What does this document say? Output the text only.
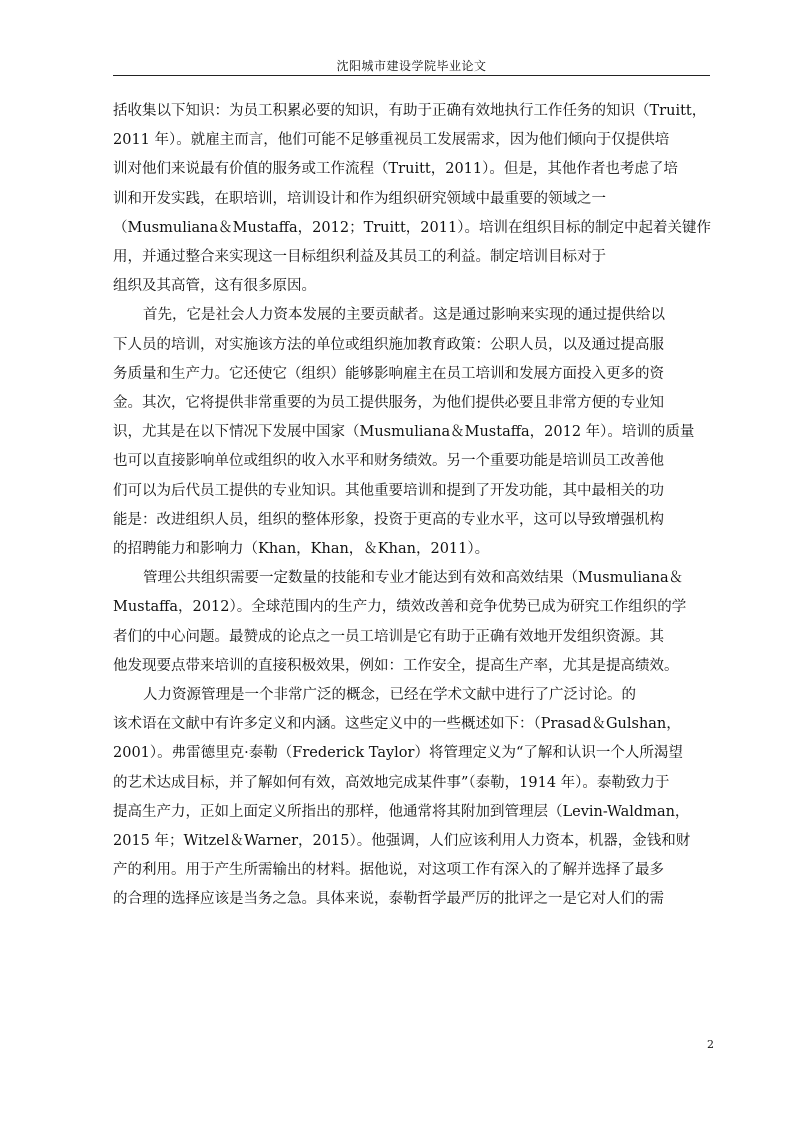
沈阳城市建设学院毕业论文

括收集以下知识：为员工积累必要的知识，有助于正确有效地执行工作任务的知识（Truitt，
2011 年）。就雇主而言，他们可能不足够重视员工发展需求，因为他们倾向于仅提供培
训对他们来说最有价值的服务或工作流程（Truitt，2011）。但是，其他作者也考虑了培
训和开发实践，在职培训，培训设计和作为组织研究领域中最重要的领域之一
（Musmuliana＆Mustaffa，2012；Truitt，2011）。培训在组织目标的制定中起着关键作
用，并通过整合来实现这一目标组织利益及其员工的利益。制定培训目标对于
组织及其高管，这有很多原因。

首先，它是社会人力资本发展的主要贡献者。这是通过影响来实现的通过提供给以
下人员的培训，对实施该方法的单位或组织施加教育政策：公职人员，以及通过提高服
务质量和生产力。它还使它（组织）能够影响雇主在员工培训和发展方面投入更多的资
金。其次，它将提供非常重要的为员工提供服务，为他们提供必要且非常方便的专业知
识，尤其是在以下情况下发展中国家（Musmuliana＆Mustaffa，2012 年）。培训的质量
也可以直接影响单位或组织的收入水平和财务绩效。另一个重要功能是培训员工改善他
们可以为后代员工提供的专业知识。其他重要培训和提到了开发功能，其中最相关的功
能是：改进组织人员，组织的整体形象，投资于更高的专业水平，这可以导致增强机构
的招聘能力和影响力（Khan，Khan，＆Khan，2011）。

管理公共组织需要一定数量的技能和专业才能达到有效和高效结果（Musmuliana＆
Mustaffa，2012）。全球范围内的生产力，绩效改善和竞争优势已成为研究工作组织的学
者们的中心问题。最赞成的论点之一员工培训是它有助于正确有效地开发组织资源。其
他发现要点带来培训的直接积极效果，例如：工作安全，提高生产率，尤其是提高绩效。

人力资源管理是一个非常广泛的概念，已经在学术文献中进行了广泛讨论。的
该术语在文献中有许多定义和内涵。这些定义中的一些概述如下：（Prasad＆Gulshan，
2001）。弗雷德里克·泰勒（Frederick Taylor）将管理定义为“了解和认识一个人所渴望
的艺术达成目标，并了解如何有效，高效地完成某件事”（泰勒，1914 年）。泰勒致力于
提高生产力，正如上面定义所指出的那样，他通常将其附加到管理层（Levin-Waldman，
2015 年；Witzel＆Warner，2015）。他强调，人们应该利用人力资本，机器，金钱和财
产的利用。用于产生所需输出的材料。据他说，对这项工作有深入的了解并选择了最多
的合理的选择应该是当务之急。具体来说，泰勒哲学最严厉的批评之一是它对人们的需

2
